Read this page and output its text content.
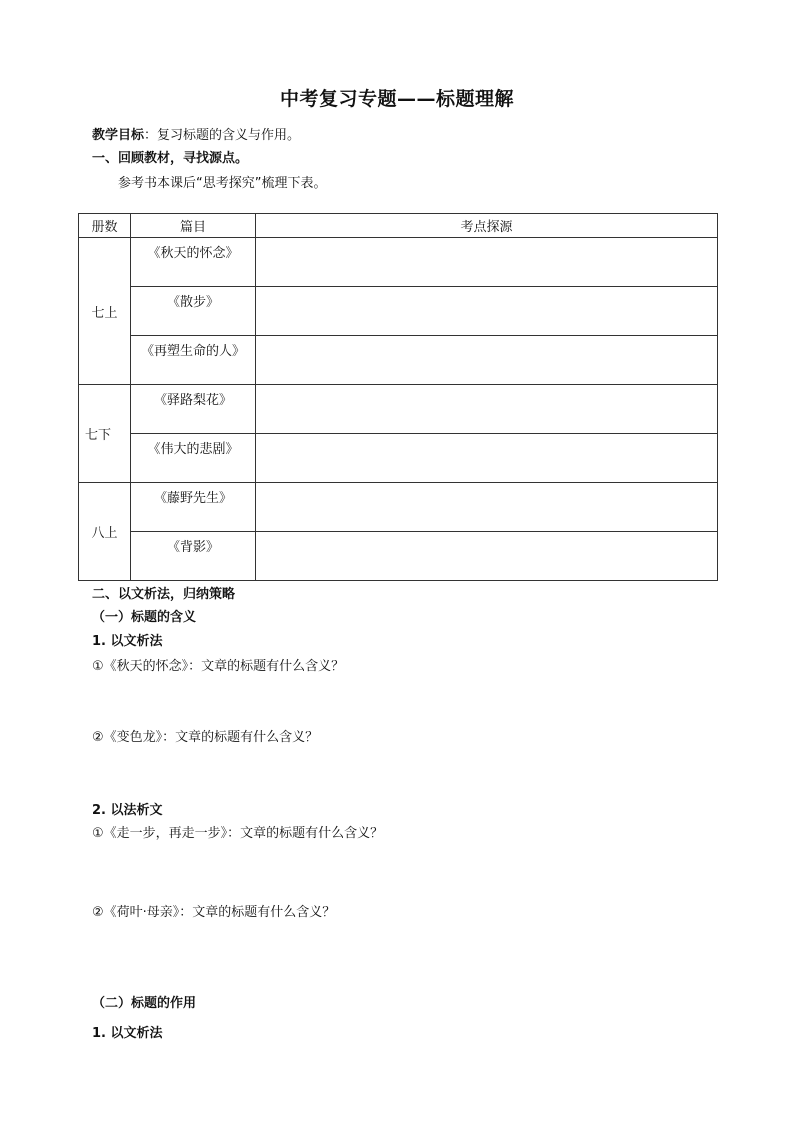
中考复习专题——标题理解
教学目标：复习标题的含义与作用。
一、回顾教材，寻找源点。
参考书本课后“思考探究”梳理下表。
册数	篇目	考点探源
七上	《秋天的怀念》	
	《散步》	
	《再塑生命的人》	
七下	《驿路梨花》	
	《伟大的悲剧》	
八上	《藤野先生》	
	《背影》	
二、以文析法，归纳策略
（一）标题的含义
1. 以文析法
①《秋天的怀念》：文章的标题有什么含义？
②《变色龙》：文章的标题有什么含义？
2. 以法析文
①《走一步，再走一步》：文章的标题有什么含义？
②《荷叶·母亲》：文章的标题有什么含义？
（二）标题的作用
1. 以文析法
